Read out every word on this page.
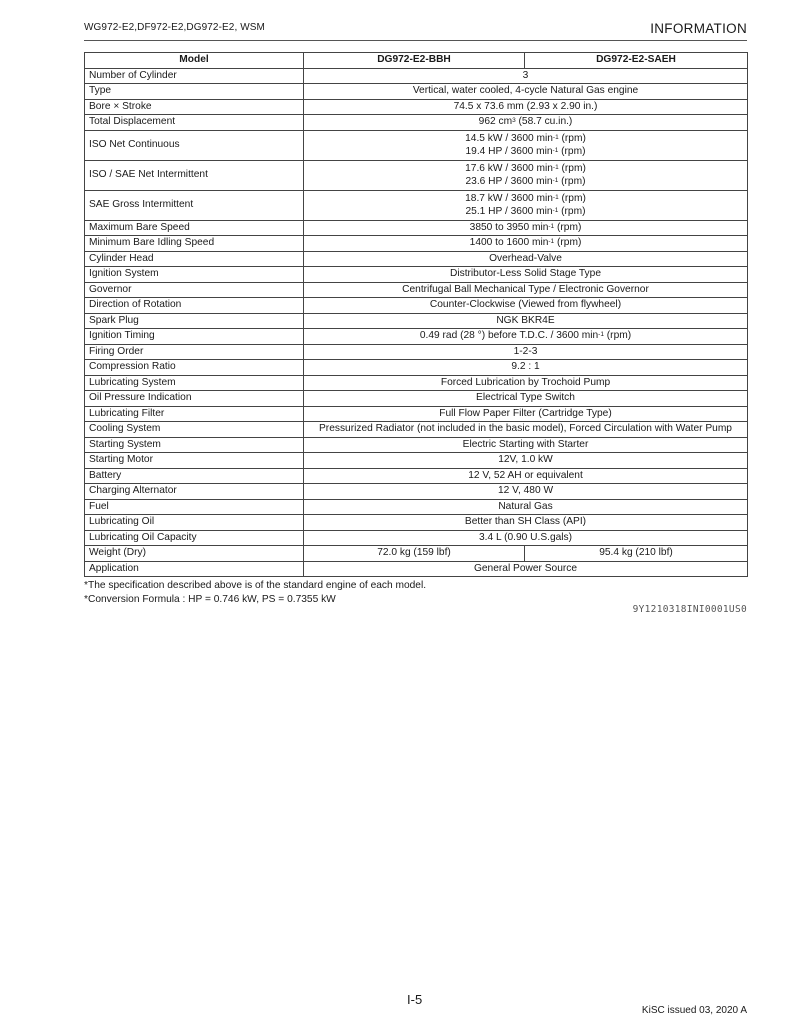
WG972-E2,DF972-E2,DG972-E2, WSM	INFORMATION
Model	DG972-E2-BBH	DG972-E2-SAEH
Number of Cylinder	3	
Type	Vertical, water cooled, 4-cycle Natural Gas engine	
Bore × Stroke	74.5 x 73.6 mm (2.93 x 2.90 in.)	
Total Displacement	962 $cm^3$ (58.7 cu.in.)	

ISO Net Continuous	14.5 kW / 3600 $\min^{-1} (rpm)$
19.4 HP / 3600 $\min^{-1} (rpm)$	

ISO / SAE Net Intermittent	17.6 kW / 3600 $\min^{-1} (rpm)$
23.6 HP / 3600 $\min^{-1} (rpm)$	

SAE Gross Intermittent	18.7 kW / 3600 $\min^{-1} (rpm)$
25.1 HP / 3600 $\min^{-1} (rpm)$	

Maximum Bare Speed	3850 to 3950 $\min^{-1} (rpm)$	

Minimum Bare Idling Speed	1400 to 1600 $\min^{-1} (rpm)$	

Cylinder Head	Overhead-Valve	
Ignition System	Distributor-Less Solid Stage Type	
Governor	Centrifugal Ball Mechanical Type / Electronic Governor	
Direction of Rotation	Counter-Clockwise (Viewed from flywheel)	
Spark Plug	NGK BKR4E	
Ignition Timing	0.49 rad (28 °) before T.D.C. / 3600 $\min^{-1} (rpm)$	

Firing Order	1-2-3	
Compression Ratio	9.2 : 1	
Lubricating System	Forced Lubrication by Trochoid Pump	
Oil Pressure Indication	Electrical Type Switch	
Lubricating Filter	Full Flow Paper Filter (Cartridge Type)	
Cooling System	Pressurized Radiator (not included in the basic model), Forced Circulation with Water Pump	
Starting System	Electric Starting with Starter	
Starting Motor	12V, 1.0 kW	
Battery	12 V, 52 AH or equivalent	
Charging Alternator	12 V, 480 W	
Fuel	Natural Gas	
Lubricating Oil	Better than SH Class (API)	
Lubricating Oil Capacity	3.4 L (0.90 U.S.gals)	
Weight (Dry)	72.0 kg (159 lbf)	95.4 kg (210 lbf)
Application	General Power Source	
*The specification described above is of the standard engine of each model.
*Conversion Formula : HP = 0.746 kW, PS = 0.7355 kW
9Y1210318INI0001US0
I-5
KiSC issued 03, 2020 A
